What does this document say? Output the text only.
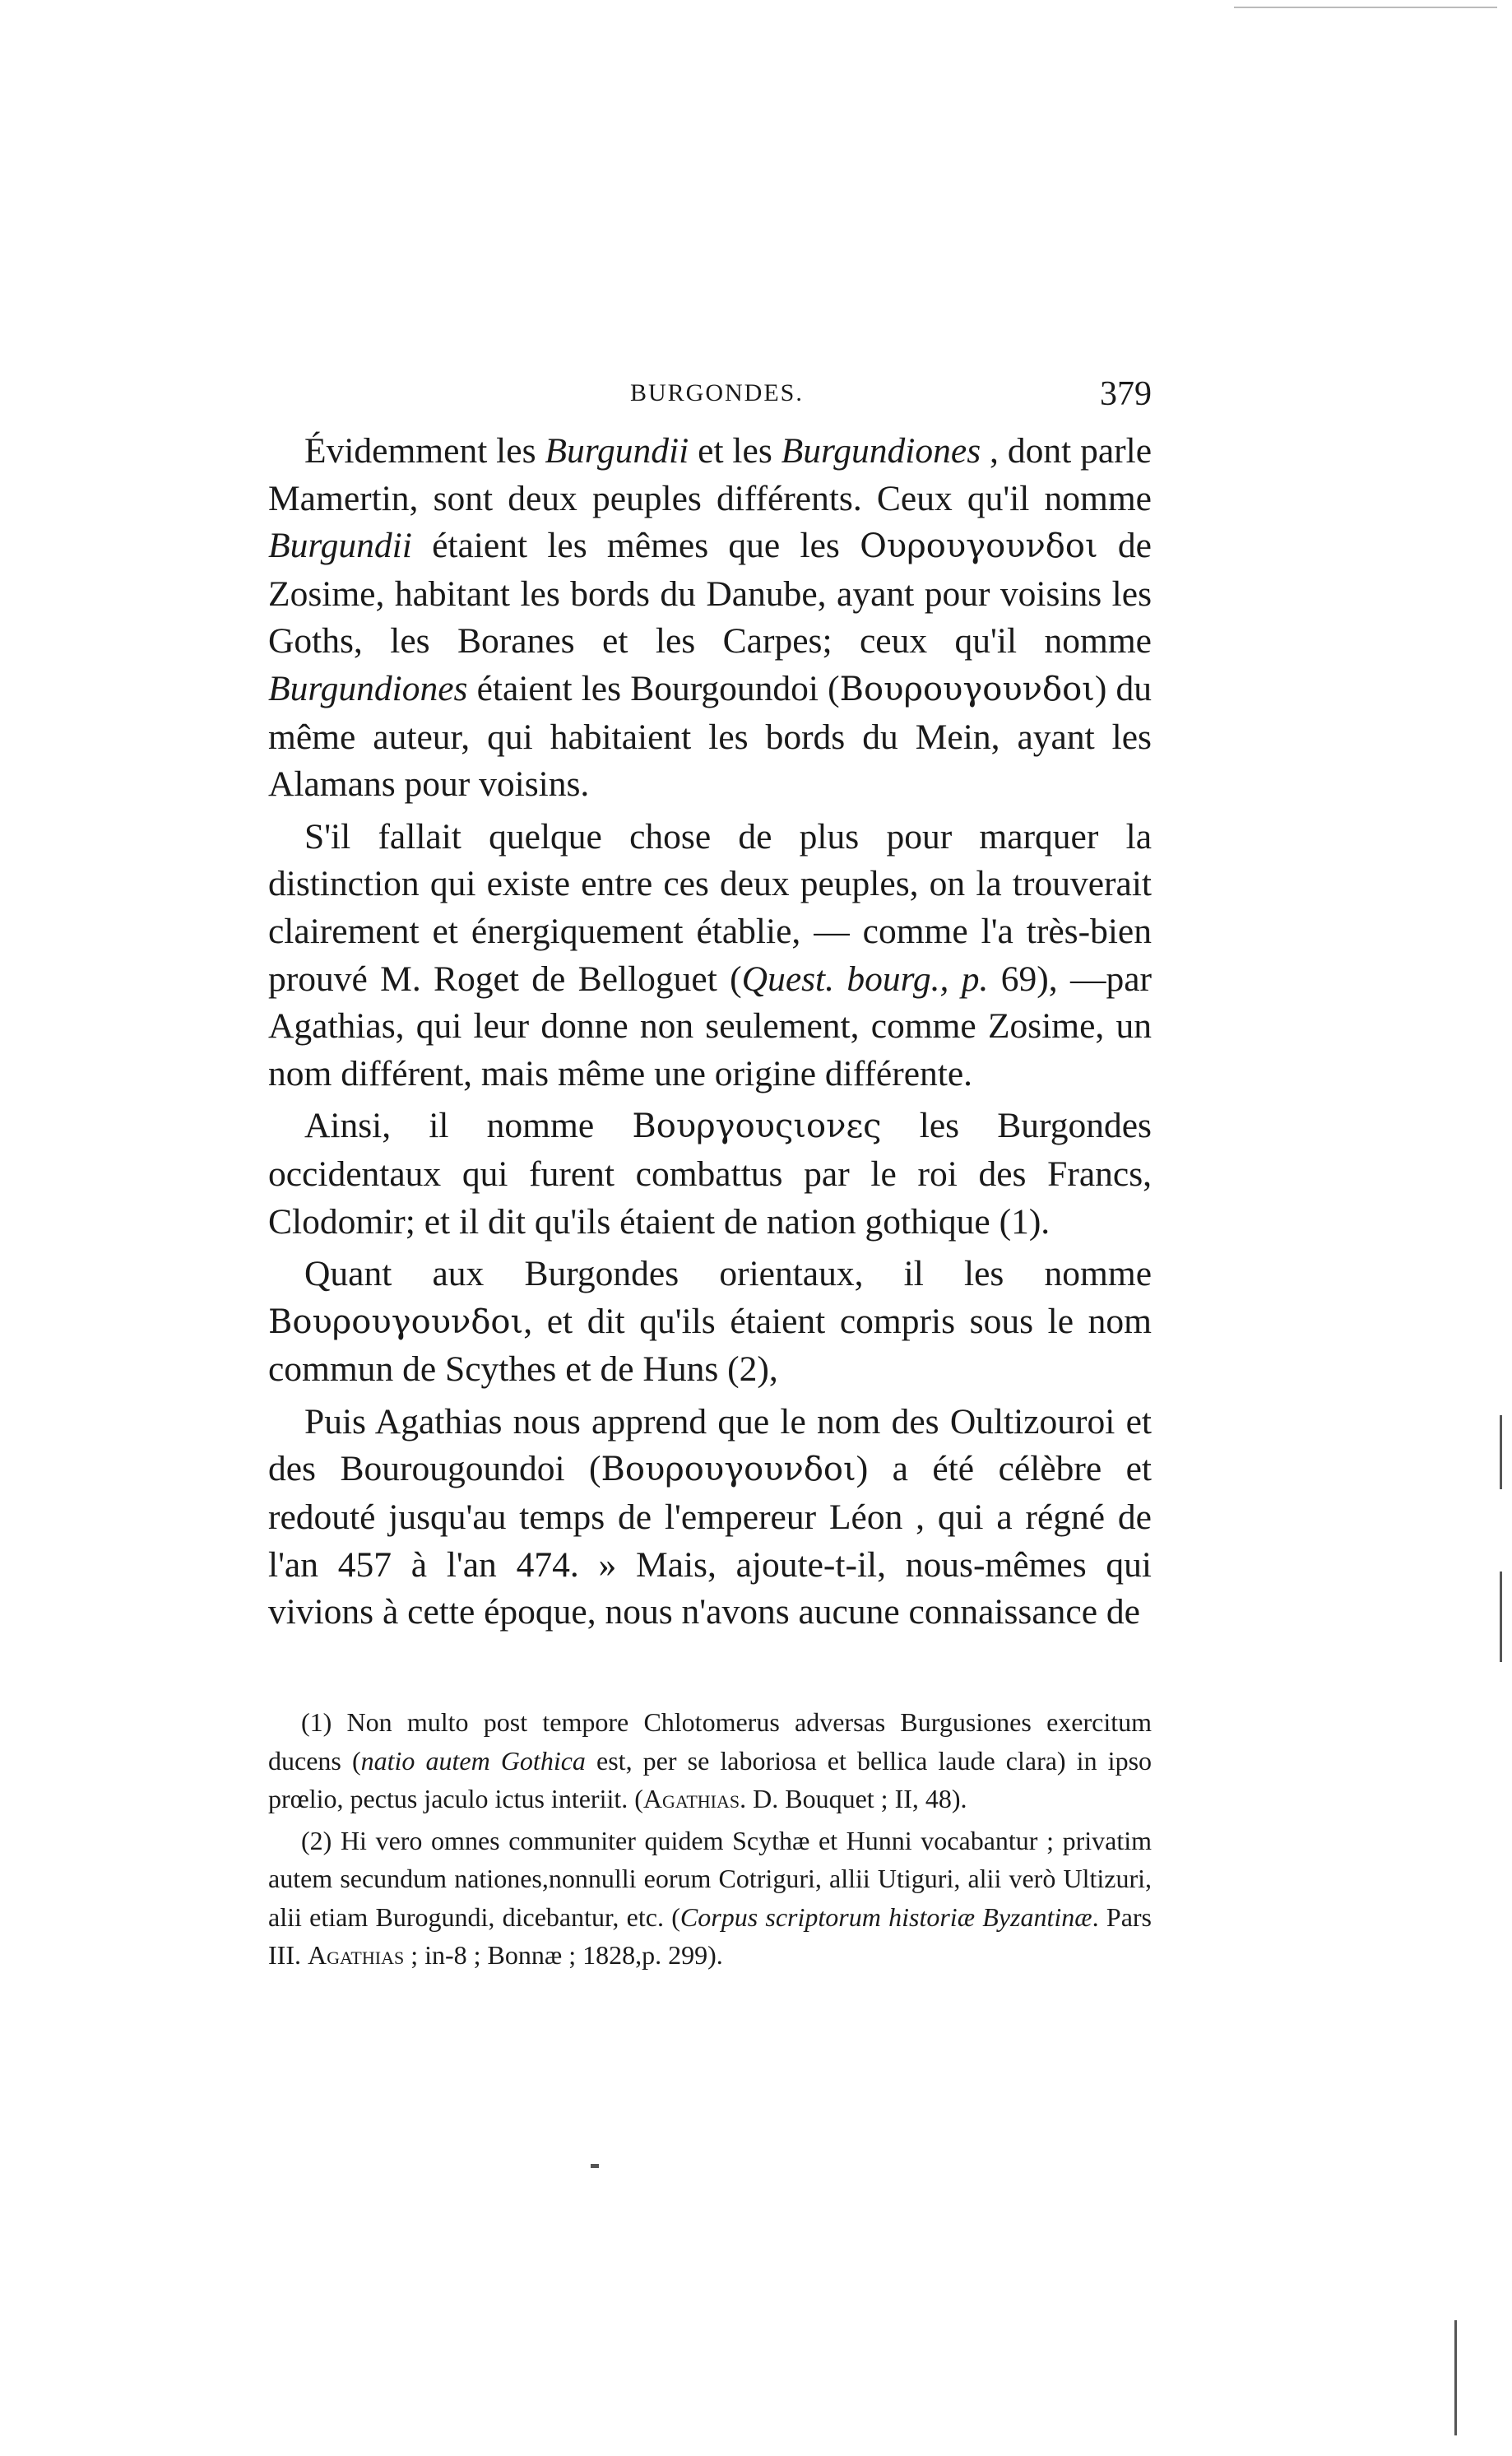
BURGONDES.	379

Évidemment les Burgundii et les Burgundiones , dont parle Mamertin, sont deux peuples différents. Ceux qu'il nomme Burgundii étaient les mêmes que les Ουρουγουνδοι de Zosime, habitant les bords du Danube, ayant pour voisins les Goths, les Boranes et les Carpes; ceux qu'il nomme Burgundiones étaient les Bourgoundoi (Βουρουγουνδοι) du même auteur, qui habitaient les bords du Mein, ayant les Alamans pour voisins.

S'il fallait quelque chose de plus pour marquer la distinction qui existe entre ces deux peuples, on la trouverait clairement et énergiquement établie, — comme l'a très-bien prouvé M. Roget de Belloguet (Quest. bourg., p. 69), —par Agathias, qui leur donne non seulement, comme Zosime, un nom différent, mais même une origine différente.

Ainsi, il nomme Βουργουςιονες les Burgondes occidentaux qui furent combattus par le roi des Francs, Clodomir; et il dit qu'ils étaient de nation gothique (1).

Quant aux Burgondes orientaux, il les nomme Βουρουγουνδοι, et dit qu'ils étaient compris sous le nom commun de Scythes et de Huns (2),

Puis Agathias nous apprend que le nom des Oultizouroi et des Bourougoundoi (Βουρουγουνδοι) a été célèbre et redouté jusqu'au temps de l'empereur Léon , qui a régné de l'an 457 à l'an 474. » Mais, ajoute-t-il, nous-mêmes qui vivions à cette époque, nous n'avons aucune connaissance de

(1) Non multo post tempore Chlotomerus adversas Burgusiones exercitum ducens (natio autem Gothica est, per se laboriosa et bellica laude clara) in ipso prœlio, pectus jaculo ictus interiit. (Agathias. D. Bouquet ; II, 48).

(2) Hi vero omnes communiter quidem Scythæ et Hunni vocabantur ; privatim autem secundum nationes,nonnulli eorum Cotriguri, allii Utiguri, alii verò Ultizuri, alii etiam Burogundi, dicebantur, etc. (Corpus scriptorum historiæ Byzantinæ. Pars III. Agathias ; in-8 ; Bonnæ ; 1828,p. 299).
